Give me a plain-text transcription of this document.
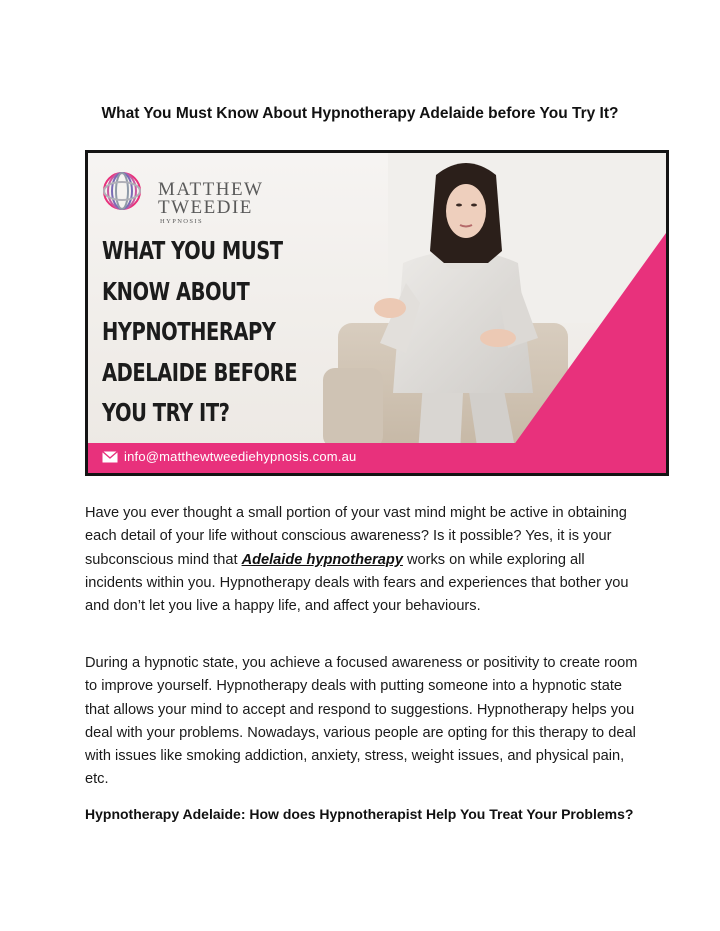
What You Must Know About Hypnotherapy Adelaide before You Try It?
MATTHEW
TWEEDIE
HYPNOSIS
WHAT YOU MUST
KNOW ABOUT
HYPNOTHERAPY
ADELAIDE BEFORE
YOU TRY IT?
info@matthewtweediehypnosis.com.au

Have you ever thought a small portion of your vast mind might be active in obtaining each detail of your life without conscious awareness? Is it possible? Yes, it is your subconscious mind that Adelaide hypnotherapy works on while exploring all incidents within you. Hypnotherapy deals with fears and experiences that bother you and don’t let you live a happy life, and affect your behaviours.

During a hypnotic state, you achieve a focused awareness or positivity to create room to improve yourself. Hypnotherapy deals with putting someone into a hypnotic state that allows your mind to accept and respond to suggestions. Hypnotherapy helps you deal with your problems. Nowadays, various people are opting for this therapy to deal with issues like smoking addiction, anxiety, stress, weight issues, and physical pain, etc.

Hypnotherapy Adelaide: How does Hypnotherapist Help You Treat Your Problems?
